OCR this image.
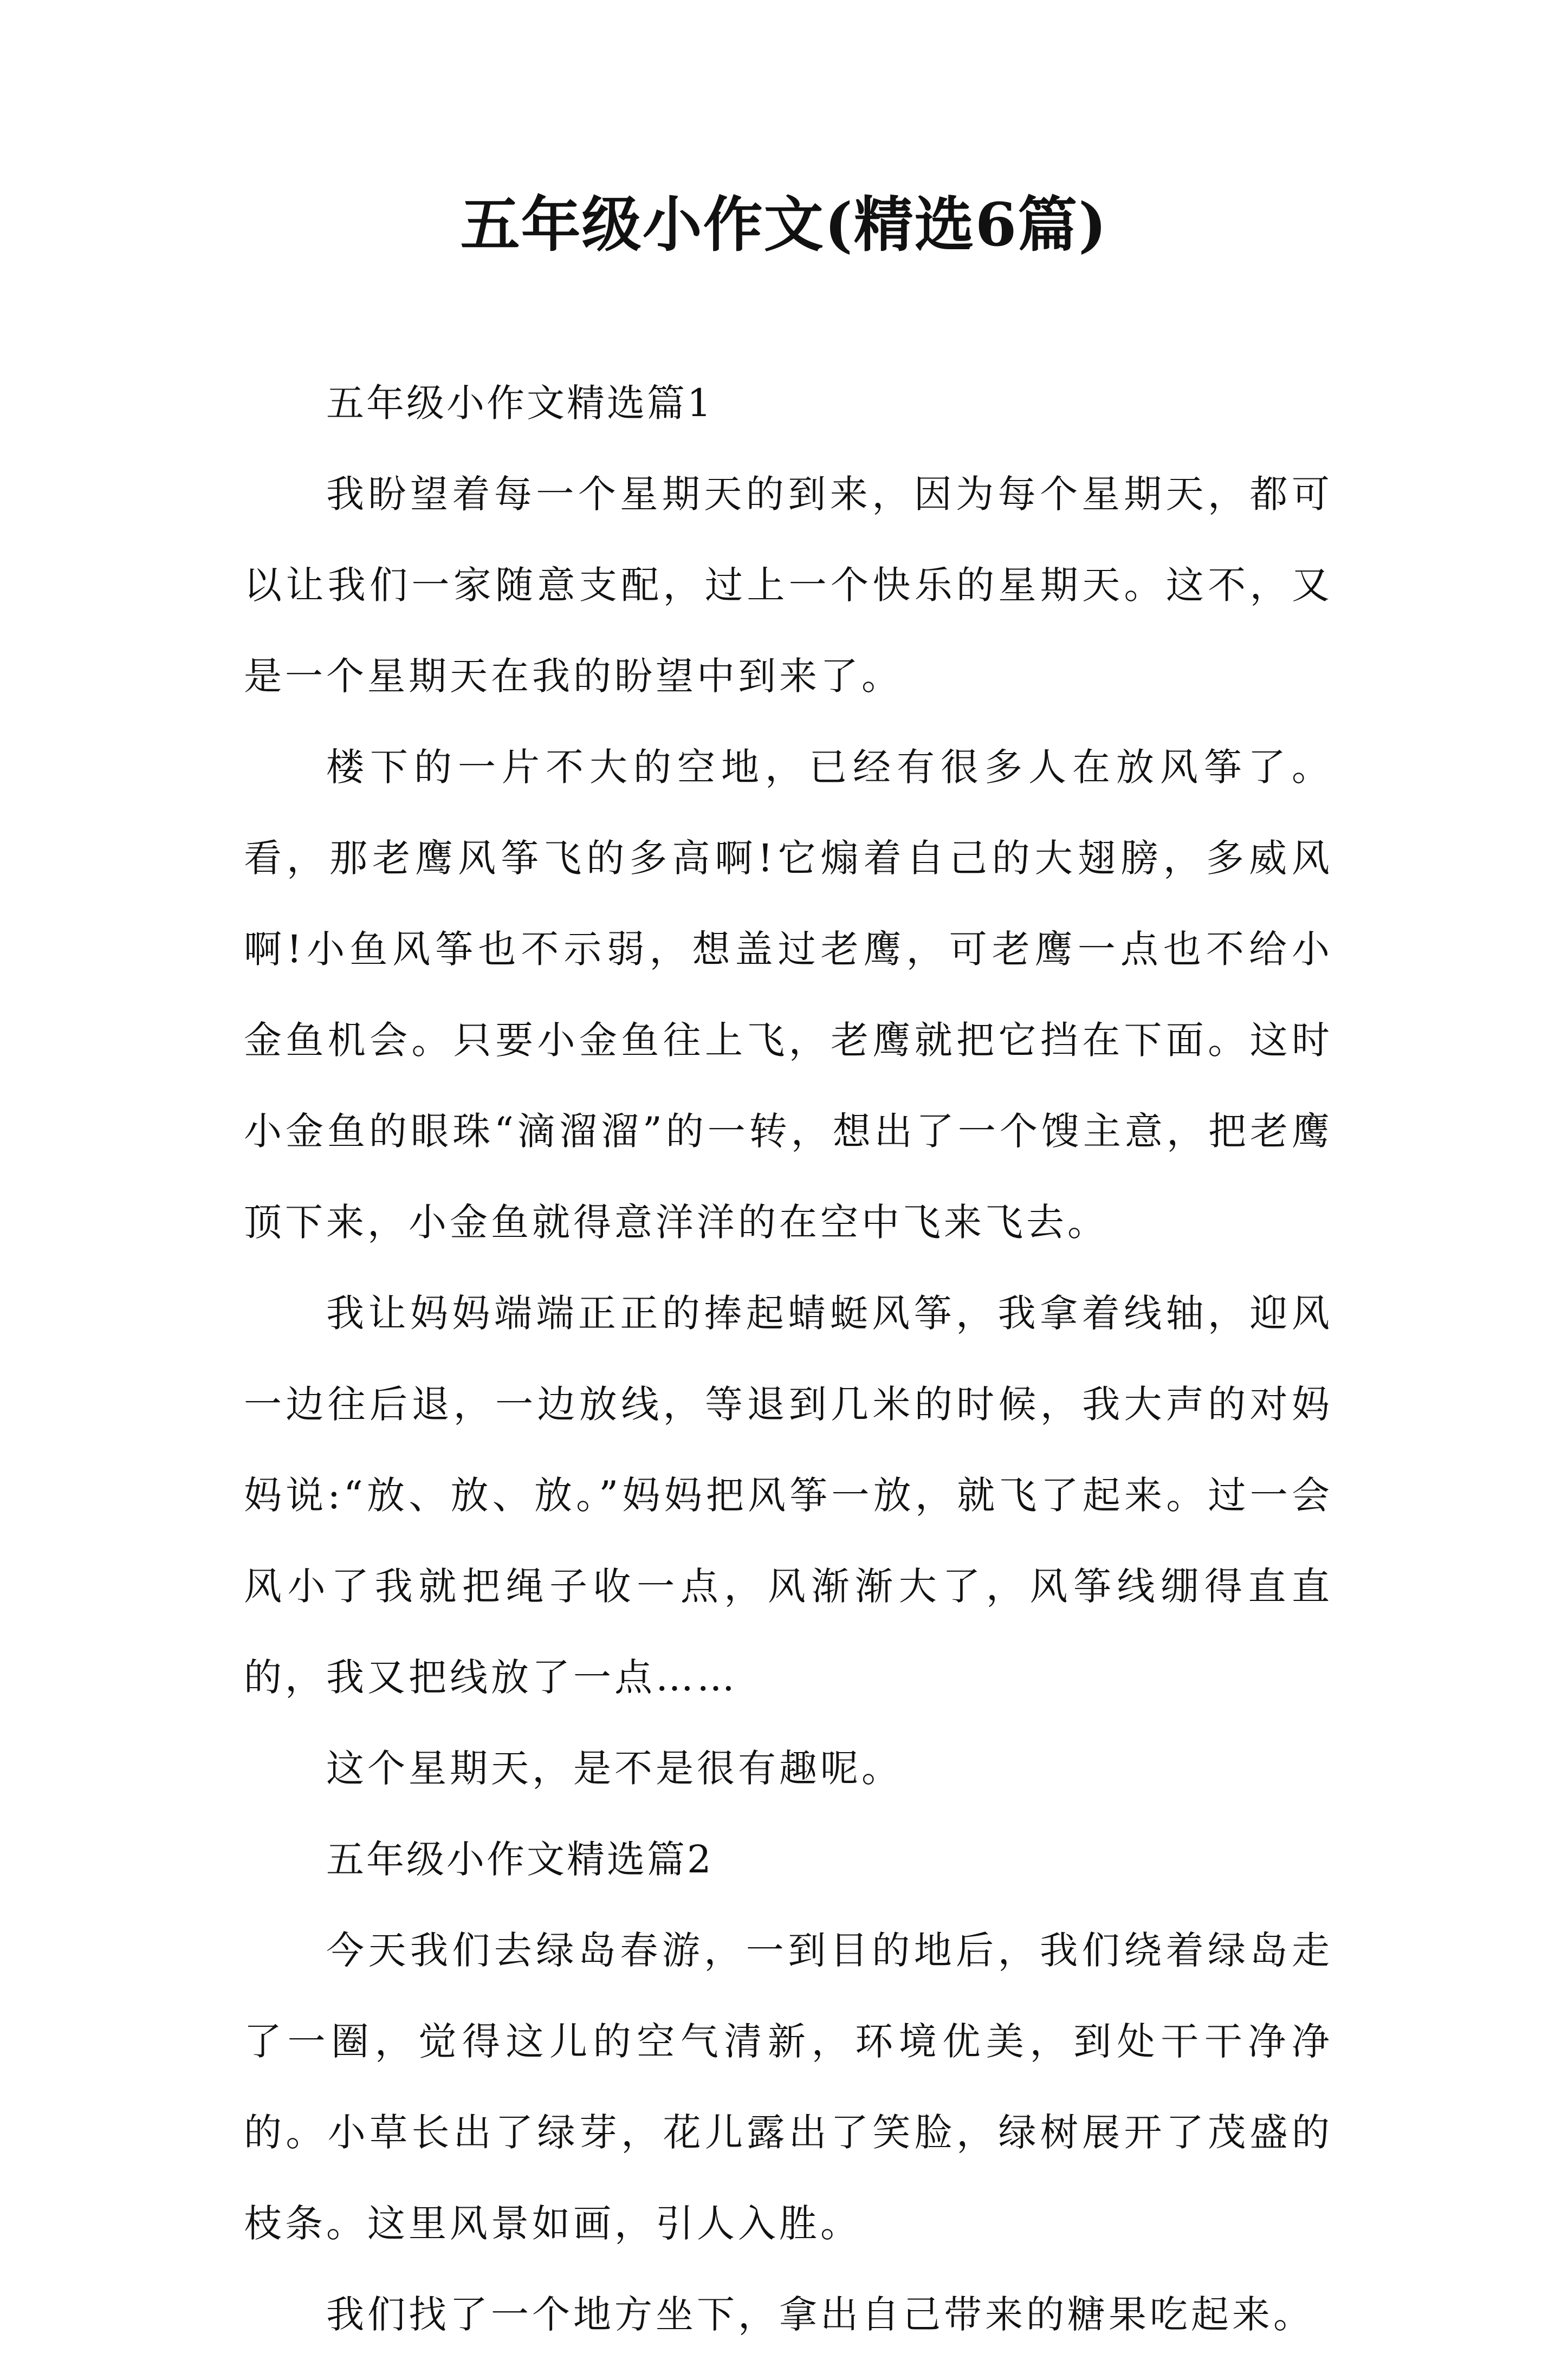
五年级小作文(精选6篇)

五年级小作文精选篇1

我盼望着每一个星期天的到来，因为每个星期天，都可以让我们一家随意支配，过上一个快乐的星期天。这不，又是一个星期天在我的盼望中到来了。

楼下的一片不大的空地，已经有很多人在放风筝了。看，那老鹰风筝飞的多高啊!它煽着自己的大翅膀，多威风啊!小鱼风筝也不示弱，想盖过老鹰，可老鹰一点也不给小金鱼机会。只要小金鱼往上飞，老鹰就把它挡在下面。这时小金鱼的眼珠“滴溜溜”的一转，想出了一个馊主意，把老鹰顶下来，小金鱼就得意洋洋的在空中飞来飞去。

我让妈妈端端正正的捧起蜻蜓风筝，我拿着线轴，迎风一边往后退，一边放线，等退到几米的时候，我大声的对妈妈说:“放、放、放。”妈妈把风筝一放，就飞了起来。过一会风小了我就把绳子收一点，风渐渐大了，风筝线绷得直直的，我又把线放了一点……

这个星期天，是不是很有趣呢。

五年级小作文精选篇2

今天我们去绿岛春游，一到目的地后，我们绕着绿岛走了一圈，觉得这儿的空气清新，环境优美，到处干干净净的。小草长出了绿芽，花儿露出了笑脸，绿树展开了茂盛的枝条。这里风景如画，引人入胜。

我们找了一个地方坐下，拿出自己带来的糖果吃起来。
